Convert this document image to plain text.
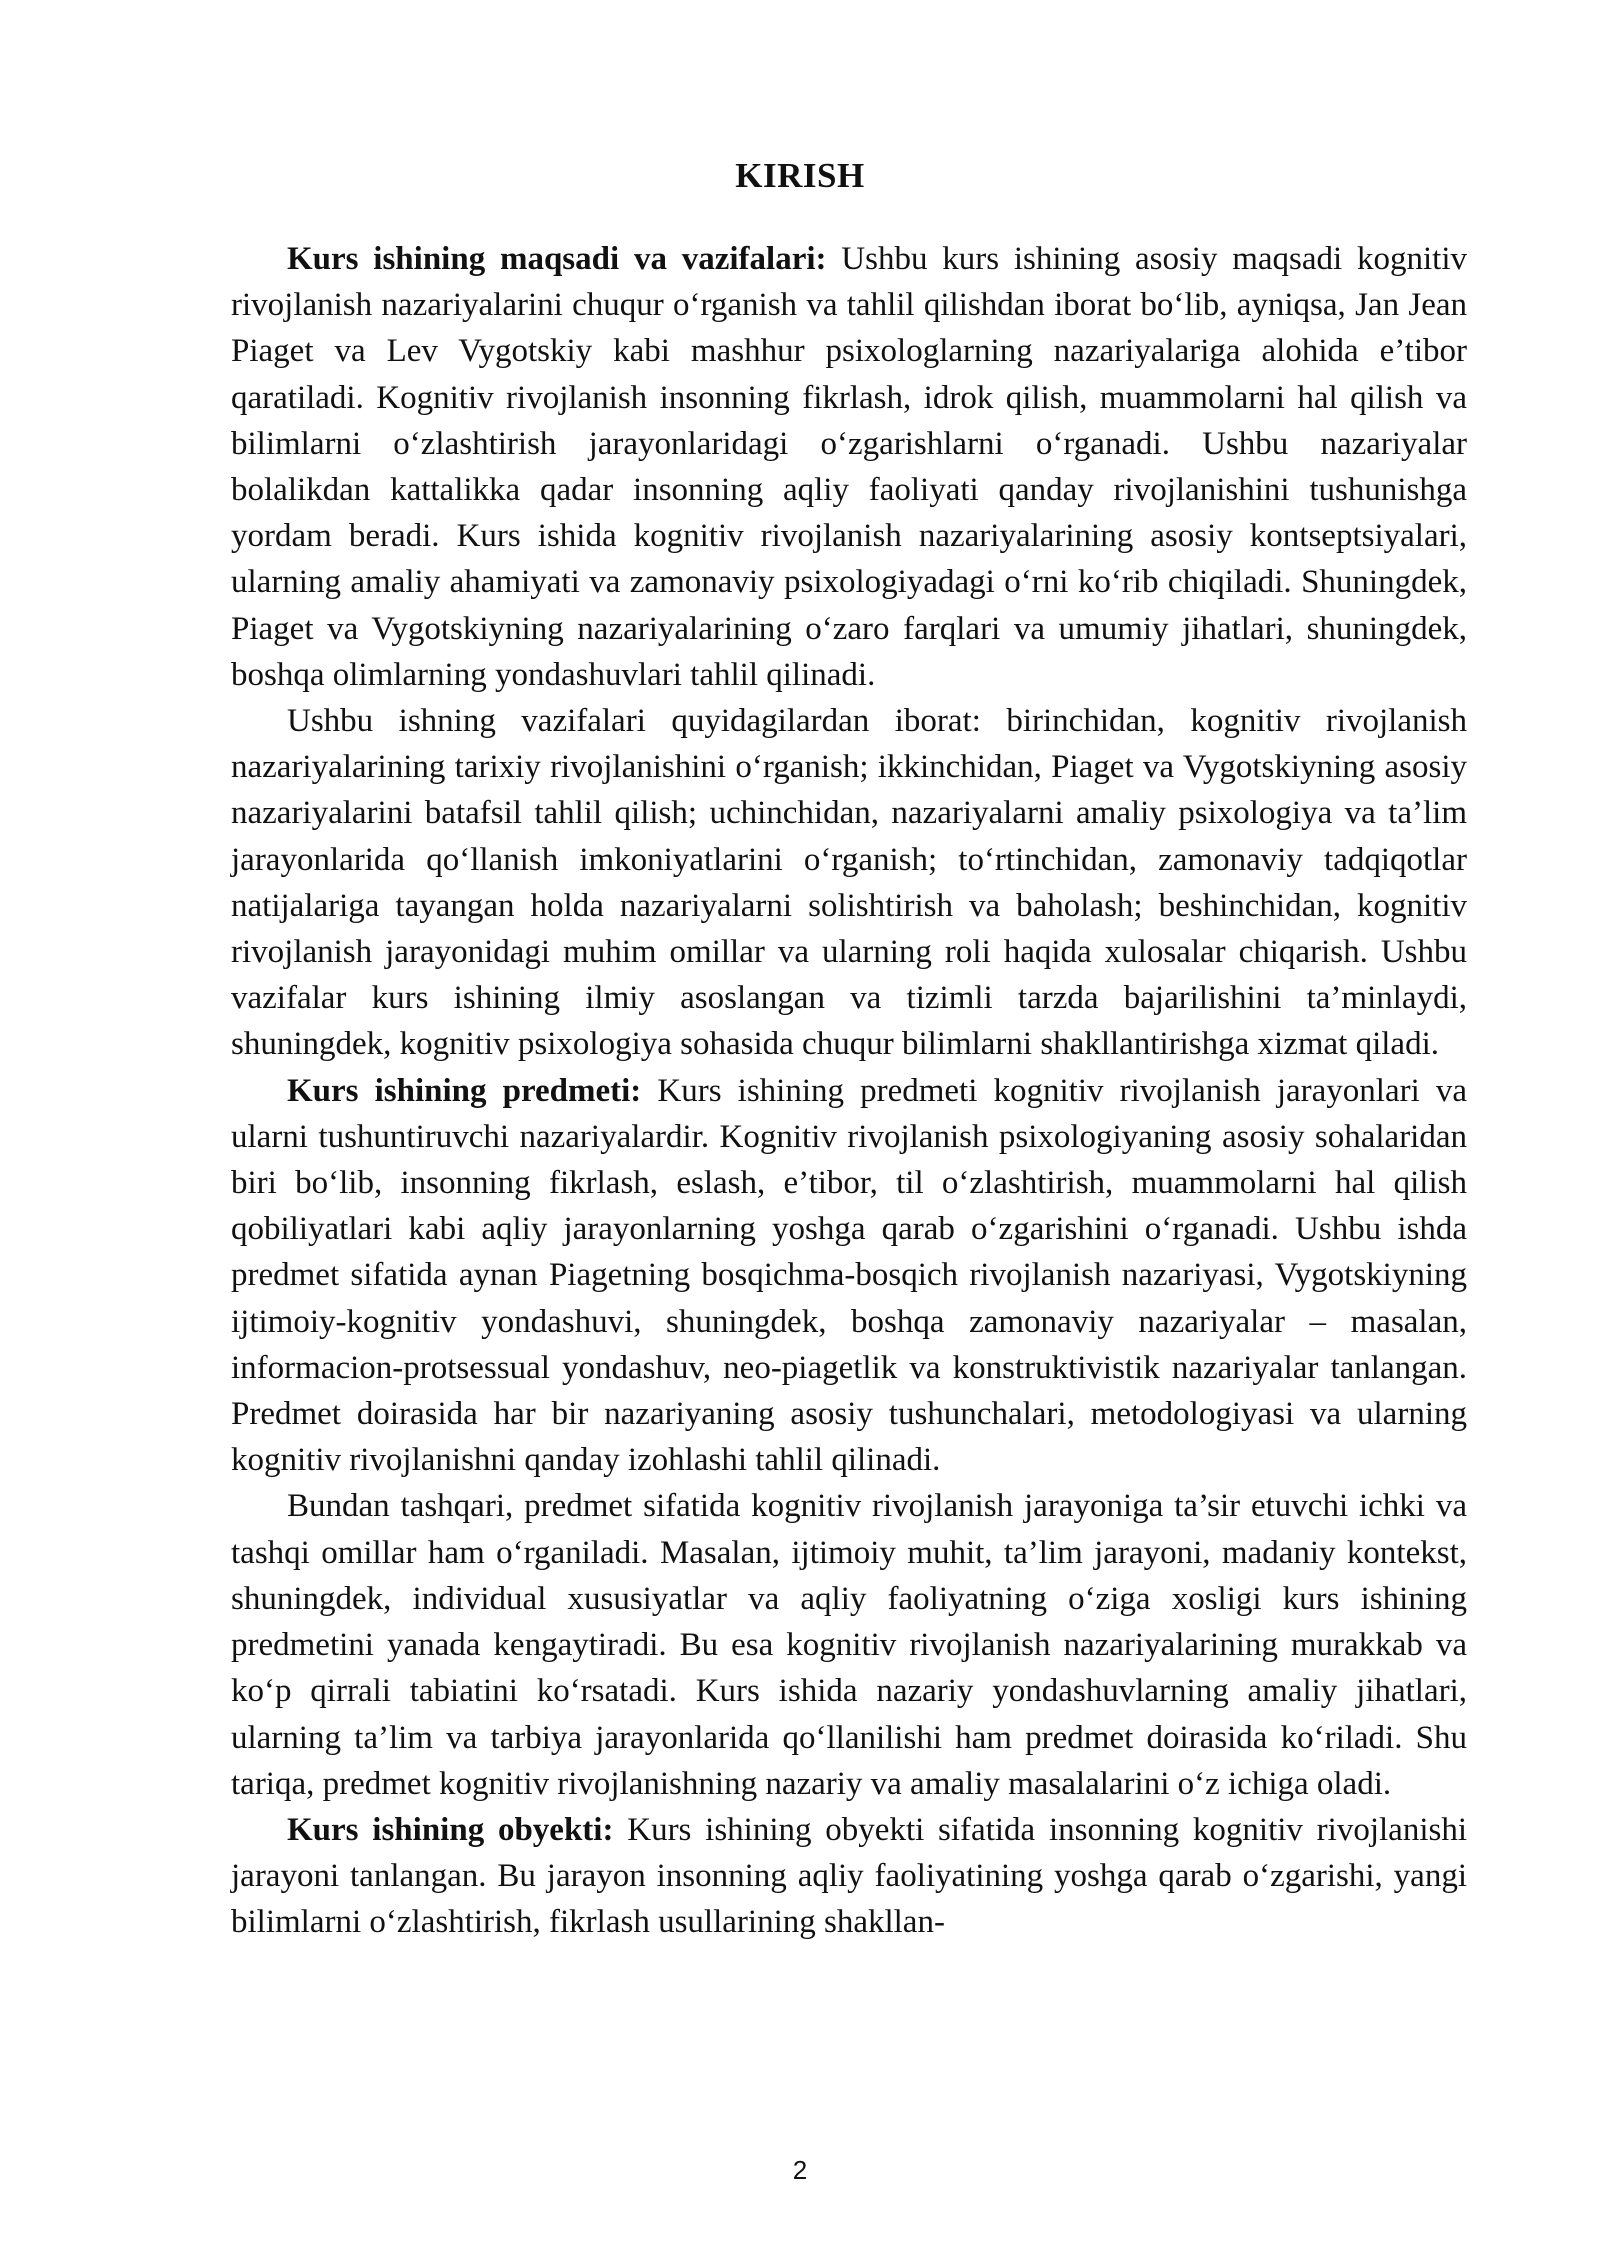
KIRISH

Kurs ishining maqsadi va vazifalari: Ushbu kurs ishining asosiy maqsadi kognitiv rivojlanish nazariyalarini chuqur o‘rganish va tahlil qilishdan iborat bo‘lib, ayniqsa, Jan Jean Piaget va Lev Vygotskiy kabi mashhur psixologlarning nazariyalariga alohida e’tibor qaratiladi. Kognitiv rivojlanish insonning fikrlash, idrok qilish, muammolarni hal qilish va bilimlarni o‘zlashtirish jarayonlaridagi o‘zgarishlarni o‘rganadi. Ushbu nazariyalar bolalikdan kattalikka qadar insonning aqliy faoliyati qanday rivojlanishini tushunishga yordam beradi. Kurs ishida kognitiv rivojlanish nazariyalarining asosiy kontseptsiyalari, ularning amaliy ahamiyati va zamonaviy psixologiyadagi o‘rni ko‘rib chiqiladi. Shuningdek, Piaget va Vygotskiyning nazariyalarining o‘zaro farqlari va umumiy jihatlari, shuningdek, boshqa olimlarning yondashuvlari tahlil qilinadi.

Ushbu ishning vazifalari quyidagilardan iborat: birinchidan, kognitiv rivojlanish nazariyalarining tarixiy rivojlanishini o‘rganish; ikkinchidan, Piaget va Vygotskiyning asosiy nazariyalarini batafsil tahlil qilish; uchinchidan, nazariyalarni amaliy psixologiya va ta’lim jarayonlarida qo‘llanish imkoniyatlarini o‘rganish; to‘rtinchidan, zamonaviy tadqiqotlar natijalariga tayangan holda nazariyalarni solishtirish va baholash; beshinchidan, kognitiv rivojlanish jarayonidagi muhim omillar va ularning roli haqida xulosalar chiqarish. Ushbu vazifalar kurs ishining ilmiy asoslangan va tizimli tarzda bajarilishini ta’minlaydi, shuningdek, kognitiv psixologiya sohasida chuqur bilimlarni shakllantirishga xizmat qiladi.

Kurs ishining predmeti: Kurs ishining predmeti kognitiv rivojlanish jarayonlari va ularni tushuntiruvchi nazariyalardir. Kognitiv rivojlanish psixologiyaning asosiy sohalaridan biri bo‘lib, insonning fikrlash, eslash, e’tibor, til o‘zlashtirish, muammolarni hal qilish qobiliyatlari kabi aqliy jarayonlarning yoshga qarab o‘zgarishini o‘rganadi. Ushbu ishda predmet sifatida aynan Piagetning bosqichma-bosqich rivojlanish nazariyasi, Vygotskiyning ijtimoiy-kognitiv yondashuvi, shuningdek, boshqa zamonaviy nazariyalar – masalan, informacion-protsessual yondashuv, neo-piagetlik va konstruktivistik nazariyalar tanlangan. Predmet doirasida har bir nazariyaning asosiy tushunchalari, metodologiyasi va ularning kognitiv rivojlanishni qanday izohlashi tahlil qilinadi.

Bundan tashqari, predmet sifatida kognitiv rivojlanish jarayoniga ta’sir etuvchi ichki va tashqi omillar ham o‘rganiladi. Masalan, ijtimoiy muhit, ta’lim jarayoni, madaniy kontekst, shuningdek, individual xususiyatlar va aqliy faoliyatning o‘ziga xosligi kurs ishining predmetini yanada kengaytiradi. Bu esa kognitiv rivojlanish nazariyalarining murakkab va ko‘p qirrali tabiatini ko‘rsatadi. Kurs ishida nazariy yondashuvlarning amaliy jihatlari, ularning ta’lim va tarbiya jarayonlarida qo‘llanilishi ham predmet doirasida ko‘riladi. Shu tariqa, predmet kognitiv rivojlanishning nazariy va amaliy masalalarini o‘z ichiga oladi.

Kurs ishining obyekti: Kurs ishining obyekti sifatida insonning kognitiv rivojlanishi jarayoni tanlangan. Bu jarayon insonning aqliy faoliyatining yoshga qarab o‘zgarishi, yangi bilimlarni o‘zlashtirish, fikrlash usullarining shakllan-

2
